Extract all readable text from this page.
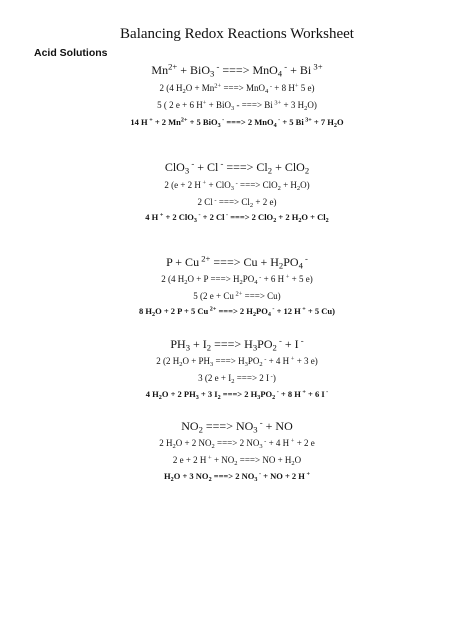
Balancing Redox Reactions Worksheet
Acid Solutions
$Mn^{2+} + BiO_3$ - ===> MnO$_4$ - + Bi $^{3+}$
2 (4 $H_2O + Mn^{2+}$ ===> MnO$_4$ - + 8 H+ 5 e)
5 ( 2 e + 6 H+ + BiO$_3$ - ===> Bi $^{3+}$ + 3 $H_2O$)
14 H + + 2 $Mn^{2+} + 5$ BiO$_3$ - ===> 2 MnO$_4$ - + 5 Bi $^{3+}$ + 7 $H_2O$
ClO$_3$ - + Cl - ===> $Cl_2 + ClO_2$
2 (e + 2 H + + ClO$_3$ - ===> $ClO_2 + H_2O$)
2 Cl - ===> $Cl_2 + 2$ e)
4 H + + 2 ClO$_3$ - + 2 Cl - ===> 2 ClO$_2$ + 2 $H_2O + Cl_2$
P + Cu $^{2+}$ ===> $Cu + H_2PO_4$ -
2 (4 $H_2O + P$ ===> $H_2PO_4$ - + 6 H + + 5 e)
5 (2 e + Cu $^{2+}$ ===> Cu)
8 $H_2O + 2$ P + 5 Cu $^{2+}$ ===> 2 $H_2PO_4$ - + 12 H + + 5 Cu)
$PH_3 + I_2$ ===> $H_3PO_2$ - + I -
2 (2 $H_2O + PH_3$ ===> $H_3PO_2$ - + 4 H + + 3 e)
3 (2 $e + I_2$ ===> 2 I -)
4 $H_2O + 2$ $PH_3 + 3$ $I_2$ ===> 2 $H_3PO_2$ - + 8 H + + 6 I -
$NO_2$ ===> $NO_3$ - + NO
2 $H_2O + 2$ $NO_2$ ===> 2 $NO_3$ - + 4 H + + 2 e
2 e + 2 H $^+ + NO_2$ ===> NO + $H_2O$
$H_2O + 3$ $NO_2$ ===> 2 $NO_3$ - + NO + 2 H +
